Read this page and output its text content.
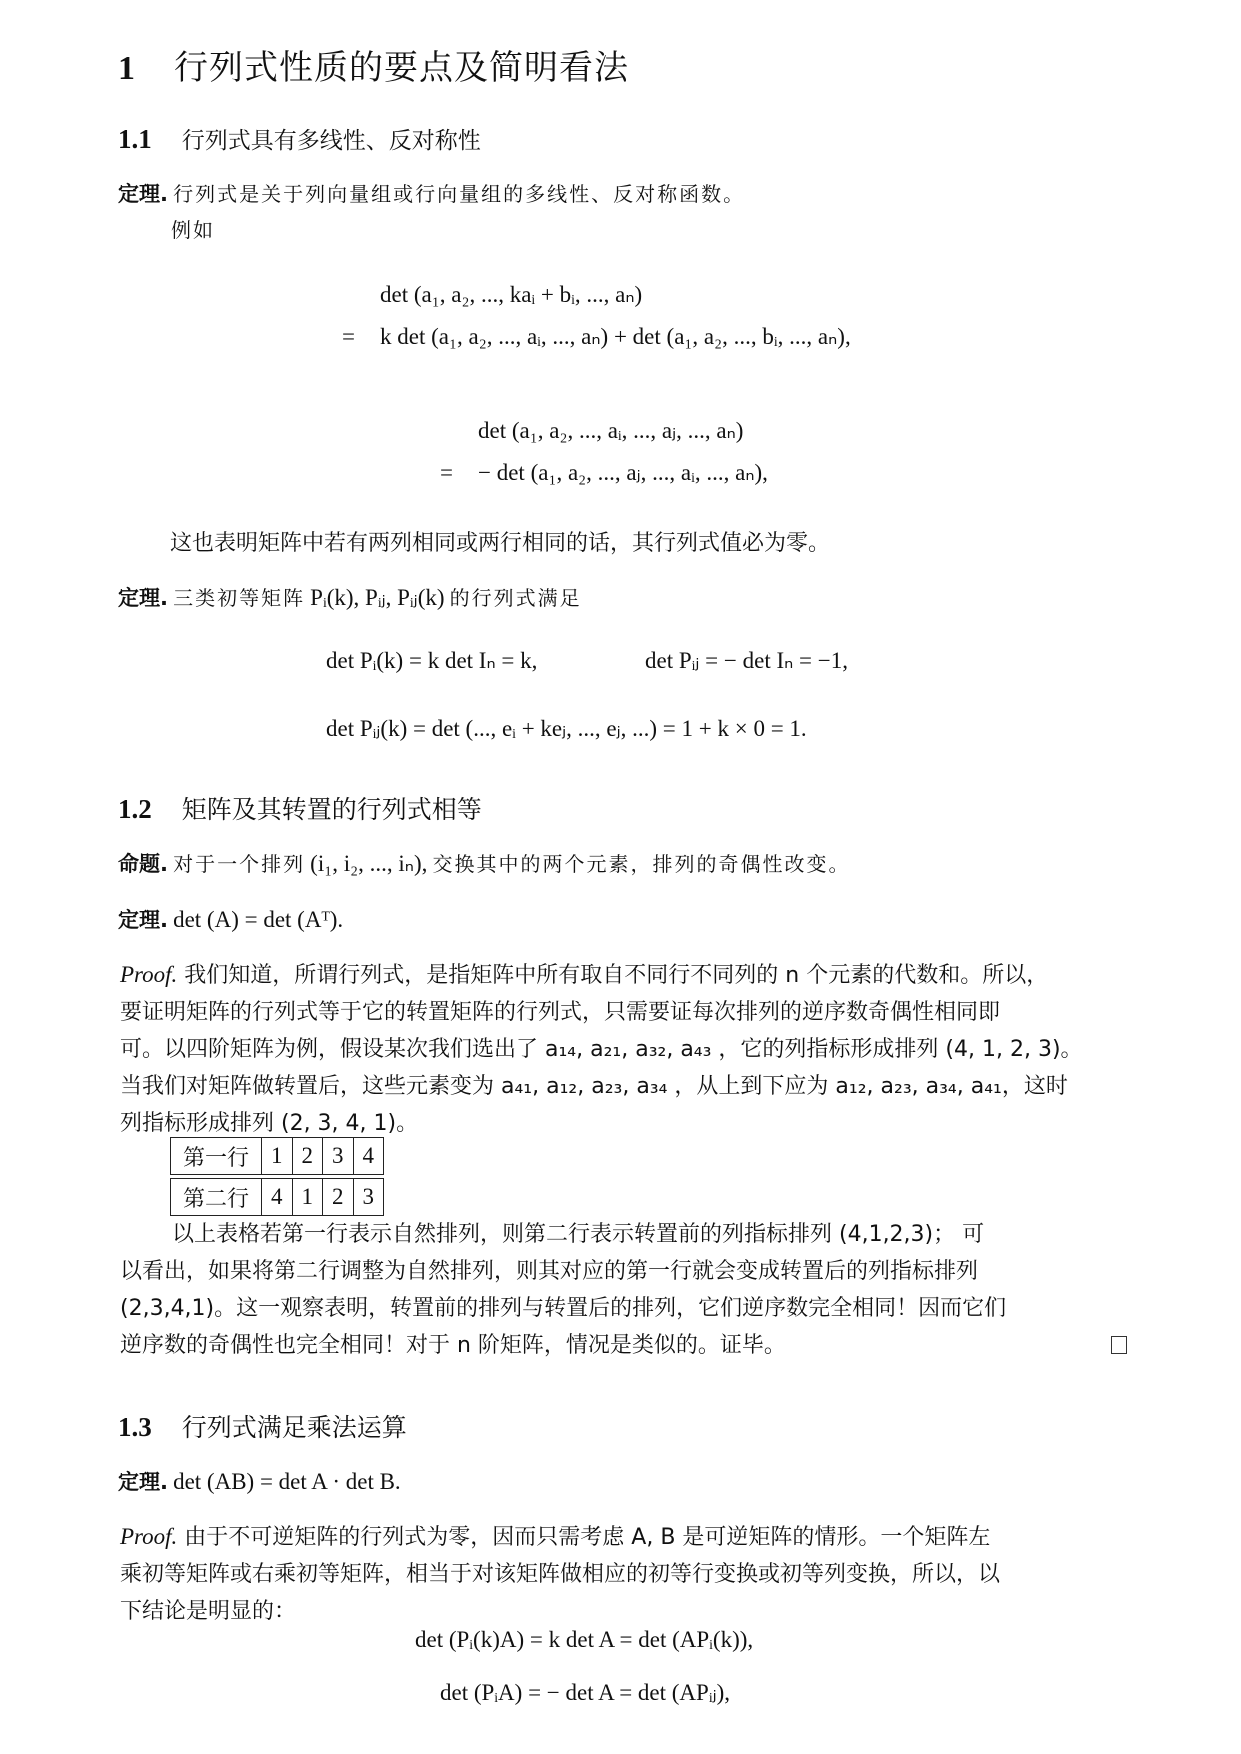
1 行列式性质的要点及简明看法
1.1 行列式具有多线性、反对称性
定理. 行列式是关于列向量组或行向量组的多线性、反对称函数。
例如
det (a₁, a₂, ..., kaᵢ + bᵢ, ..., aₙ)
= k det (a₁, a₂, ..., aᵢ, ..., aₙ) + det (a₁, a₂, ..., bᵢ, ..., aₙ),
det (a₁, a₂, ..., aᵢ, ..., aⱼ, ..., aₙ)
= − det (a₁, a₂, ..., aⱼ, ..., aᵢ, ..., aₙ),
这也表明矩阵中若有两列相同或两行相同的话，其行列式值必为零。
定理. 三类初等矩阵 Pᵢ(k), Pᵢⱼ, Pᵢⱼ(k) 的行列式满足
det Pᵢ(k) = k det Iₙ = k,	det Pᵢⱼ = − det Iₙ = −1,
det Pᵢⱼ(k) = det (..., eᵢ + keⱼ, ..., eⱼ, ...) = 1 + k × 0 = 1.
1.2 矩阵及其转置的行列式相等
命题. 对于一个排列 (i₁, i₂, ..., iₙ), 交换其中的两个元素，排列的奇偶性改变。
定理. det (A) = det (Aᵀ).
Proof. 我们知道，所谓行列式，是指矩阵中所有取自不同行不同列的 n 个元素的代数和。所以，
要证明矩阵的行列式等于它的转置矩阵的行列式，只需要证每次排列的逆序数奇偶性相同即
可。以四阶矩阵为例，假设某次我们选出了 a₁₄, a₂₁, a₃₂, a₄₃ ，它的列指标形成排列 (4, 1, 2, 3)。
当我们对矩阵做转置后，这些元素变为 a₄₁, a₁₂, a₂₃, a₃₄ ，从上到下应为 a₁₂, a₂₃, a₃₄, a₄₁，这时
列指标形成排列 (2, 3, 4, 1)。
第一行	1	2	3	4
第二行	4	1	2	3
以上表格若第一行表示自然排列，则第二行表示转置前的列指标排列 (4,1,2,3)； 可
以看出，如果将第二行调整为自然排列，则其对应的第一行就会变成转置后的列指标排列
(2,3,4,1)。这一观察表明，转置前的排列与转置后的排列，它们逆序数完全相同！因而它们
逆序数的奇偶性也完全相同！对于 n 阶矩阵，情况是类似的。证毕。
1.3 行列式满足乘法运算
定理. det (AB) = det A · det B.
Proof. 由于不可逆矩阵的行列式为零，因而只需考虑 A, B 是可逆矩阵的情形。一个矩阵左
乘初等矩阵或右乘初等矩阵，相当于对该矩阵做相应的初等行变换或初等列变换，所以，以
下结论是明显的：
det (Pᵢ(k)A) = k det A = det (APᵢ(k)),
det (PᵢA) = − det A = det (APᵢⱼ),
